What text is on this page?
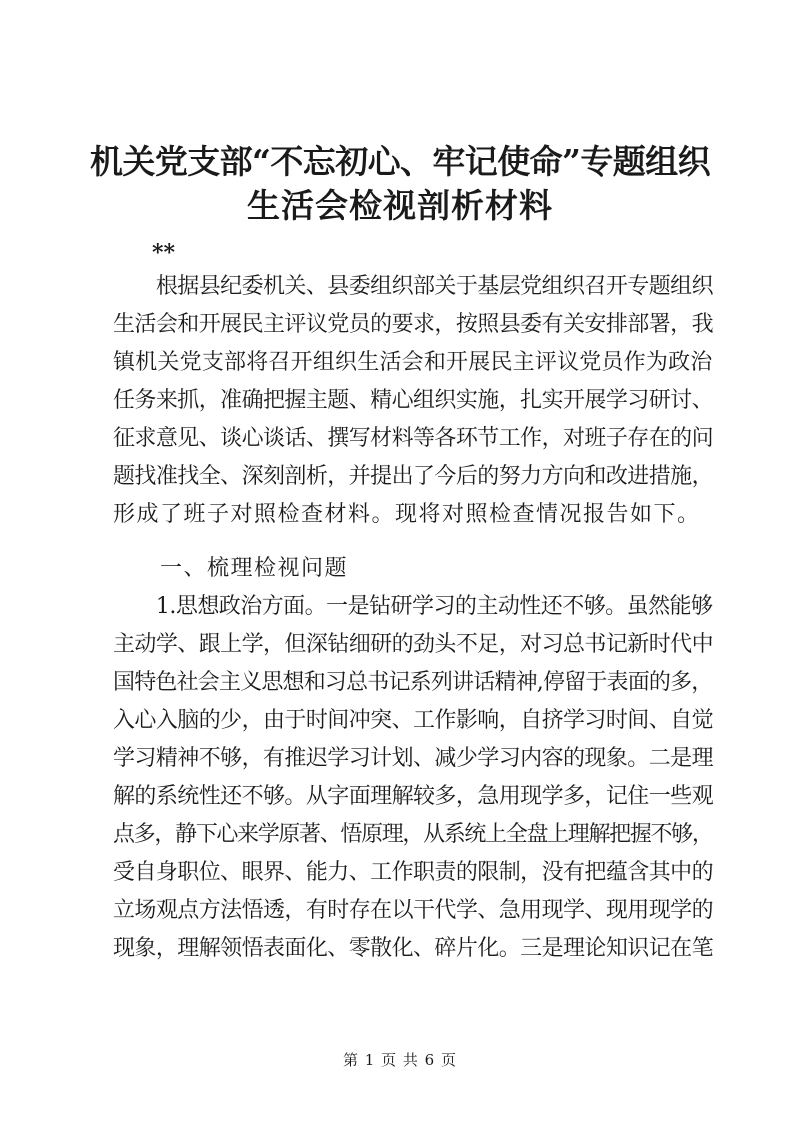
机关党支部“不忘初心、牢记使命”专题组织
生活会检视剖析材料
**
　　根据县纪委机关、县委组织部关于基层党组织召开专题组织
生活会和开展民主评议党员的要求，按照县委有关安排部署，我
镇机关党支部将召开组织生活会和开展民主评议党员作为政治
任务来抓，准确把握主题、精心组织实施，扎实开展学习研讨、
征求意见、谈心谈话、撰写材料等各环节工作，对班子存在的问
题找准找全、深刻剖析，并提出了今后的努力方向和改进措施，
形成了班子对照检查材料。现将对照检查情况报告如下。
　　一、梳理检视问题
　　1.思想政治方面。一是钻研学习的主动性还不够。虽然能够
主动学、跟上学，但深钻细研的劲头不足，对习总书记新时代中
国特色社会主义思想和习总书记系列讲话精神,停留于表面的多，
入心入脑的少，由于时间冲突、工作影响，自挤学习时间、自觉
学习精神不够，有推迟学习计划、减少学习内容的现象。二是理
解的系统性还不够。从字面理解较多，急用现学多，记住一些观
点多，静下心来学原著、悟原理，从系统上全盘上理解把握不够，
受自身职位、眼界、能力、工作职责的限制，没有把蕴含其中的
立场观点方法悟透，有时存在以干代学、急用现学、现用现学的
现象，理解领悟表面化、零散化、碎片化。三是理论知识记在笔
第 1 页 共 6 页
